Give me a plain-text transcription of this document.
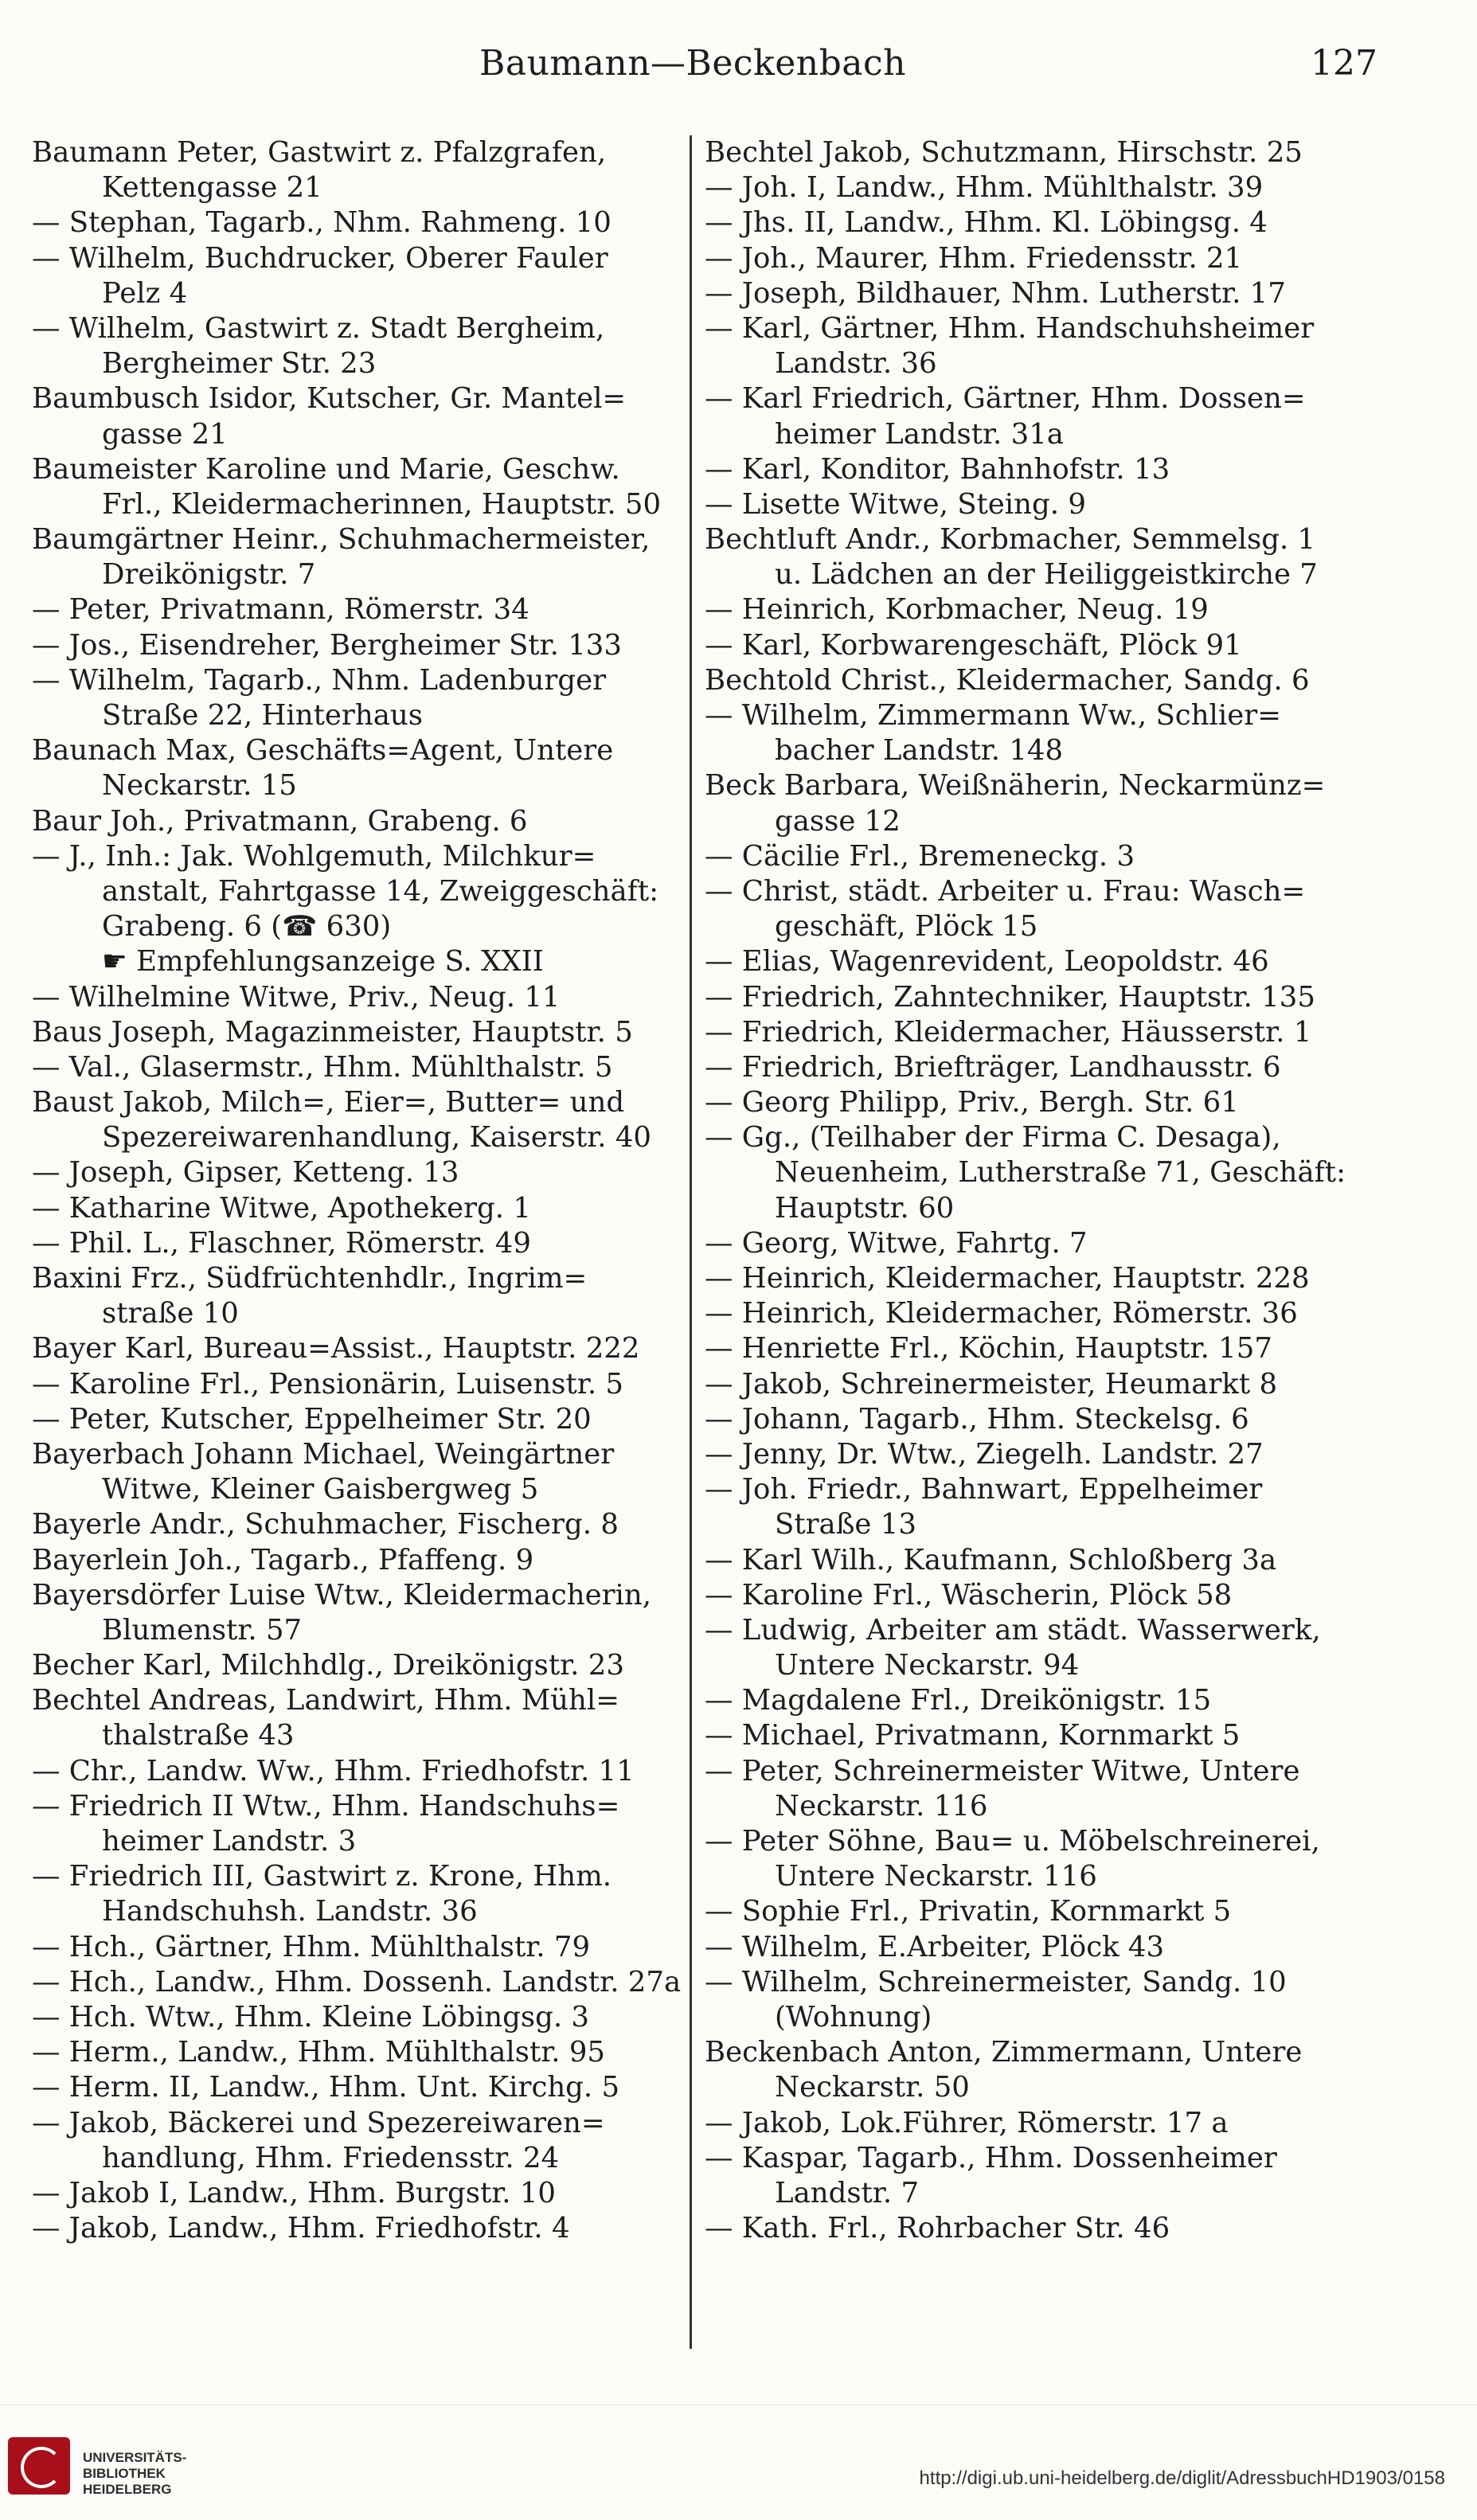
Baumann—Beckenbach	127
Baumann Peter, Gastwirt z. Pfalzgrafen,
Kettengasse 21
— Stephan, Tagarb., Nhm. Rahmeng. 10
— Wilhelm, Buchdrucker, Oberer Fauler
Pelz 4
— Wilhelm, Gastwirt z. Stadt Bergheim,
Bergheimer Str. 23
Baumbusch Isidor, Kutscher, Gr. Mantel=
gasse 21
Baumeister Karoline und Marie, Geschw.
Frl., Kleidermacherinnen, Hauptstr. 50
Baumgärtner Heinr., Schuhmachermeister,
Dreikönigstr. 7
— Peter, Privatmann, Römerstr. 34
— Jos., Eisendreher, Bergheimer Str. 133
— Wilhelm, Tagarb., Nhm. Ladenburger
Straße 22, Hinterhaus
Baunach Max, Geschäfts=Agent, Untere
Neckarstr. 15
Baur Joh., Privatmann, Grabeng. 6
— J., Inh.: Jak. Wohlgemuth, Milchkur=
anstalt, Fahrtgasse 14, Zweiggeschäft:
Grabeng. 6 (☎ 630)
☛ Empfehlungsanzeige S. XXII
— Wilhelmine Witwe, Priv., Neug. 11
Baus Joseph, Magazinmeister, Hauptstr. 5
— Val., Glasermstr., Hhm. Mühlthalstr. 5
Baust Jakob, Milch=, Eier=, Butter= und
Spezereiwarenhandlung, Kaiserstr. 40
— Joseph, Gipser, Ketteng. 13
— Katharine Witwe, Apothekerg. 1
— Phil. L., Flaschner, Römerstr. 49
Baxini Frz., Südfrüchtenhdlr., Ingrim=
straße 10
Bayer Karl, Bureau=Assist., Hauptstr. 222
— Karoline Frl., Pensionärin, Luisenstr. 5
— Peter, Kutscher, Eppelheimer Str. 20
Bayerbach Johann Michael, Weingärtner
Witwe, Kleiner Gaisbergweg 5
Bayerle Andr., Schuhmacher, Fischerg. 8
Bayerlein Joh., Tagarb., Pfaffeng. 9
Bayersdörfer Luise Wtw., Kleidermacherin,
Blumenstr. 57
Becher Karl, Milchhdlg., Dreikönigstr. 23
Bechtel Andreas, Landwirt, Hhm. Mühl=
thalstraße 43
— Chr., Landw. Ww., Hhm. Friedhofstr. 11
— Friedrich II Wtw., Hhm. Handschuhs=
heimer Landstr. 3
— Friedrich III, Gastwirt z. Krone, Hhm.
Handschuhsh. Landstr. 36
— Hch., Gärtner, Hhm. Mühlthalstr. 79
— Hch., Landw., Hhm. Dossenh. Landstr. 27a
— Hch. Wtw., Hhm. Kleine Löbingsg. 3
— Herm., Landw., Hhm. Mühlthalstr. 95
— Herm. II, Landw., Hhm. Unt. Kirchg. 5
— Jakob, Bäckerei und Spezereiwaren=
handlung, Hhm. Friedensstr. 24
— Jakob I, Landw., Hhm. Burgstr. 10
— Jakob, Landw., Hhm. Friedhofstr. 4
Bechtel Jakob, Schutzmann, Hirschstr. 25
— Joh. I, Landw., Hhm. Mühlthalstr. 39
— Jhs. II, Landw., Hhm. Kl. Löbingsg. 4
— Joh., Maurer, Hhm. Friedensstr. 21
— Joseph, Bildhauer, Nhm. Lutherstr. 17
— Karl, Gärtner, Hhm. Handschuhsheimer
Landstr. 36
— Karl Friedrich, Gärtner, Hhm. Dossen=
heimer Landstr. 31a
— Karl, Konditor, Bahnhofstr. 13
— Lisette Witwe, Steing. 9
Bechtluft Andr., Korbmacher, Semmelsg. 1
u. Lädchen an der Heiliggeistkirche 7
— Heinrich, Korbmacher, Neug. 19
— Karl, Korbwarengeschäft, Plöck 91
Bechtold Christ., Kleidermacher, Sandg. 6
— Wilhelm, Zimmermann Ww., Schlier=
bacher Landstr. 148
Beck Barbara, Weißnäherin, Neckarmünz=
gasse 12
— Cäcilie Frl., Bremeneckg. 3
— Christ, städt. Arbeiter u. Frau: Wasch=
geschäft, Plöck 15
— Elias, Wagenrevident, Leopoldstr. 46
— Friedrich, Zahntechniker, Hauptstr. 135
— Friedrich, Kleidermacher, Häusserstr. 1
— Friedrich, Briefträger, Landhausstr. 6
— Georg Philipp, Priv., Bergh. Str. 61
— Gg., (Teilhaber der Firma C. Desaga),
Neuenheim, Lutherstraße 71, Geschäft:
Hauptstr. 60
— Georg, Witwe, Fahrtg. 7
— Heinrich, Kleidermacher, Hauptstr. 228
— Heinrich, Kleidermacher, Römerstr. 36
— Henriette Frl., Köchin, Hauptstr. 157
— Jakob, Schreinermeister, Heumarkt 8
— Johann, Tagarb., Hhm. Steckelsg. 6
— Jenny, Dr. Wtw., Ziegelh. Landstr. 27
— Joh. Friedr., Bahnwart, Eppelheimer
Straße 13
— Karl Wilh., Kaufmann, Schloßberg 3a
— Karoline Frl., Wäscherin, Plöck 58
— Ludwig, Arbeiter am städt. Wasserwerk,
Untere Neckarstr. 94
— Magdalene Frl., Dreikönigstr. 15
— Michael, Privatmann, Kornmarkt 5
— Peter, Schreinermeister Witwe, Untere
Neckarstr. 116
— Peter Söhne, Bau= u. Möbelschreinerei,
Untere Neckarstr. 116
— Sophie Frl., Privatin, Kornmarkt 5
— Wilhelm, E.Arbeiter, Plöck 43
— Wilhelm, Schreinermeister, Sandg. 10
(Wohnung)
Beckenbach Anton, Zimmermann, Untere
Neckarstr. 50
— Jakob, Lok.Führer, Römerstr. 17 a
— Kaspar, Tagarb., Hhm. Dossenheimer
Landstr. 7
— Kath. Frl., Rohrbacher Str. 46
UNIVERSITÄTS-
BIBLIOTHEK
HEIDELBERG
http://digi.ub.uni-heidelberg.de/diglit/AdressbuchHD1903/0158
